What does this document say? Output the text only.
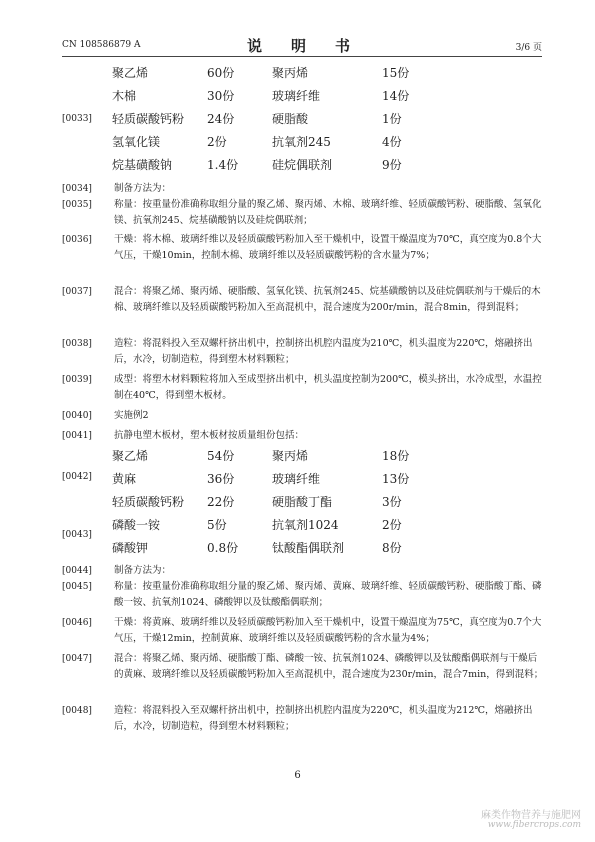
CN 108586879 A	说　明　书	3/6 页
聚乙烯	60份	聚丙烯	15份
木棉	30份	玻璃纤维	14份
轻质碳酸钙粉 24份	硬脂酸	1份
氢氧化镁	2份	抗氧剂245	4份
烷基磺酸钠	1.4份	硅烷偶联剂	9份
[0033]
[0034] 制备方法为：
[0035] 称量：按重量份准确称取组分量的聚乙烯、聚丙烯、木棉、玻璃纤维、轻质碳酸钙粉、硬脂酸、氢氧化镁、抗氧剂245、烷基磺酸钠以及硅烷偶联剂；
[0036] 干燥：将木棉、玻璃纤维以及轻质碳酸钙粉加入至干燥机中，设置干燥温度为70℃，真空度为0.8个大气压，干燥10min，控制木棉、玻璃纤维以及轻质碳酸钙粉的含水量为7%；
[0037] 混合：将聚乙烯、聚丙烯、硬脂酸、氢氧化镁、抗氧剂245、烷基磺酸钠以及硅烷偶联剂与干燥后的木棉、玻璃纤维以及轻质碳酸钙粉加入至高混机中，混合速度为200r/min，混合8min，得到混料；
[0038] 造粒：将混料投入至双螺杆挤出机中，控制挤出机腔内温度为210℃，机头温度为220℃，熔融挤出后，水冷，切制造粒，得到塑木材料颗粒；
[0039] 成型：将塑木材料颗粒将加入至成型挤出机中，机头温度控制为200℃，模头挤出，水冷成型，水温控制在40℃，得到塑木板材。
[0040] 实施例2
[0041] 抗静电塑木板材，塑木板材按质量组份包括：
聚乙烯	54份	聚丙烯	18份
黄麻	36份	玻璃纤维	13份
轻质碳酸钙粉 22份	硬脂酸丁酯	3份
磷酸一铵	5份	抗氧剂1024	2份
磷酸钾	0.8份	钛酸酯偶联剂	8份
[0042]
[0043]
[0044] 制备方法为：
[0045] 称量：按重量份准确称取组分量的聚乙烯、聚丙烯、黄麻、玻璃纤维、轻质碳酸钙粉、硬脂酸丁酯、磷酸一铵、抗氧剂1024、磷酸钾以及钛酸酯偶联剂；
[0046] 干燥：将黄麻、玻璃纤维以及轻质碳酸钙粉加入至干燥机中，设置干燥温度为75℃，真空度为0.7个大气压，干燥12min，控制黄麻、玻璃纤维以及轻质碳酸钙粉的含水量为4%；
[0047] 混合：将聚乙烯、聚丙烯、硬脂酸丁酯、磷酸一铵、抗氧剂1024、磷酸钾以及钛酸酯偶联剂与干燥后的黄麻、玻璃纤维以及轻质碳酸钙粉加入至高混机中，混合速度为230r/min，混合7min，得到混料；
[0048] 造粒：将混料投入至双螺杆挤出机中，控制挤出机腔内温度为220℃，机头温度为212℃，熔融挤出后，水冷，切制造粒，得到塑木材料颗粒；
6
麻类作物营养与施肥网
www.fibercrops.com
